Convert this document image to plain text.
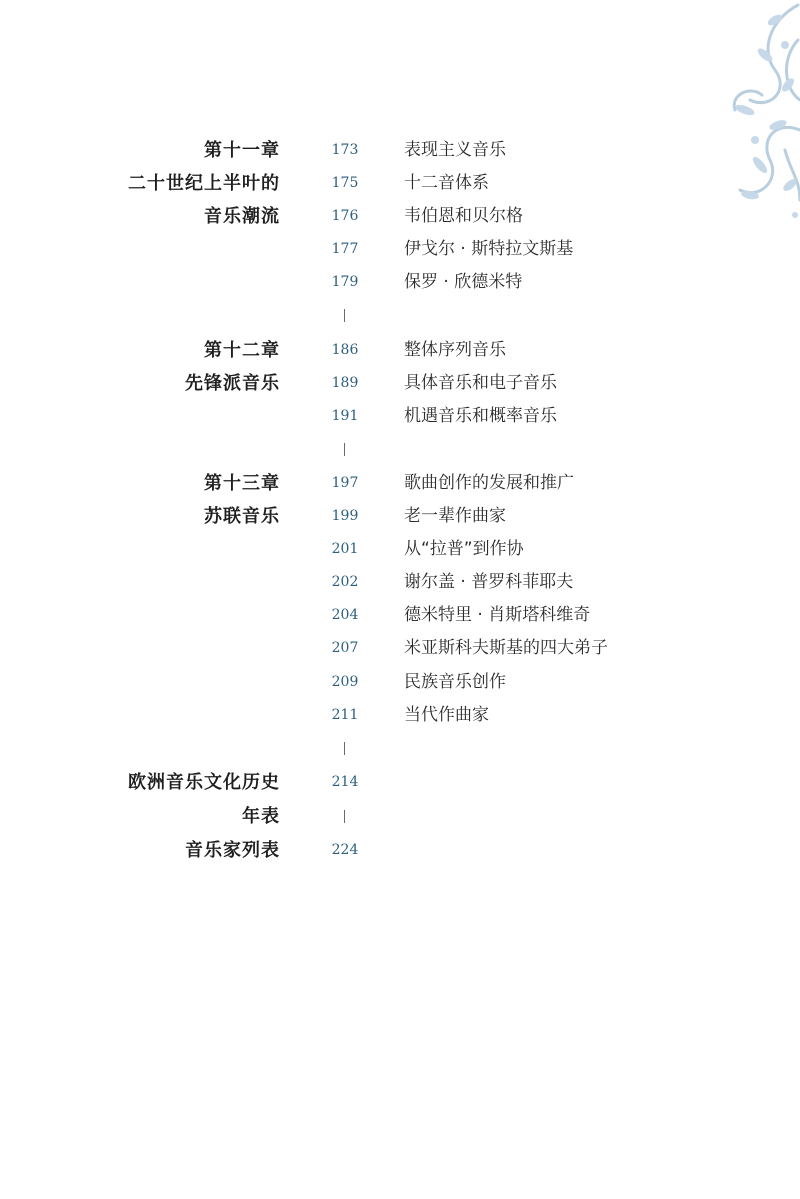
第十一章	173	表现主义音乐
二十世纪上半叶的	175	十二音体系
音乐潮流	176	韦伯恩和贝尔格
177	伊戈尔 · 斯特拉文斯基
179	保罗 · 欣德米特
第十二章	186	整体序列音乐
先锋派音乐	189	具体音乐和电子音乐
191	机遇音乐和概率音乐
第十三章	197	歌曲创作的发展和推广
苏联音乐	199	老一辈作曲家
201	从“拉普”到作协
202	谢尔盖 · 普罗科菲耶夫
204	德米特里 · 肖斯塔科维奇
207	米亚斯科夫斯基的四大弟子
209	民族音乐创作
211	当代作曲家
欧洲音乐文化历史	214
年表
音乐家列表	224
